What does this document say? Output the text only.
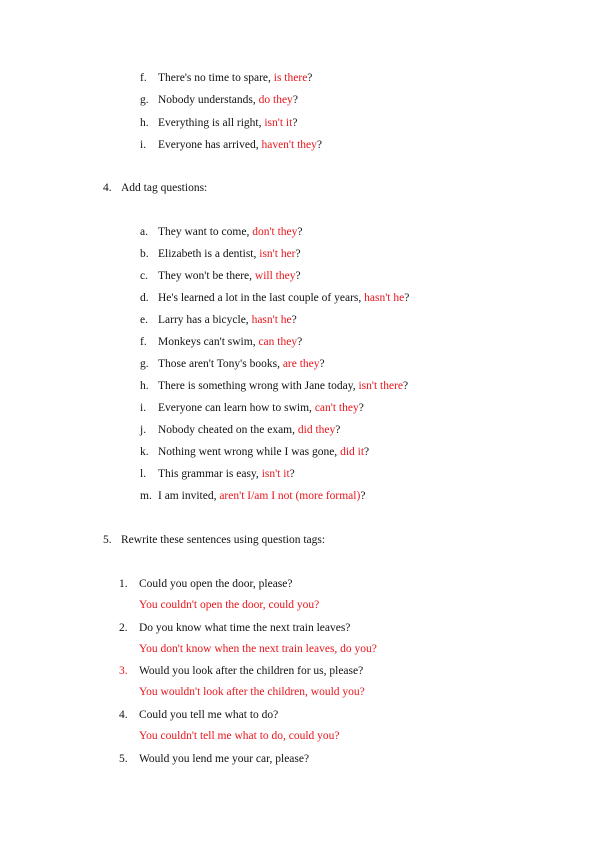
f. There's no time to spare, is there?
g. Nobody understands, do they?
h. Everything is all right, isn't it?
i. Everyone has arrived, haven't they?
4. Add tag questions:
a. They want to come, don't they?
b. Elizabeth is a dentist, isn't her?
c. They won't be there, will they?
d. He's learned a lot in the last couple of years, hasn't he?
e. Larry has a bicycle, hasn't he?
f. Monkeys can't swim, can they?
g. Those aren't Tony's books, are they?
h. There is something wrong with Jane today, isn't there?
i. Everyone can learn how to swim, can't they?
j. Nobody cheated on the exam, did they?
k. Nothing went wrong while I was gone, did it?
l. This grammar is easy, isn't it?
m. I am invited, aren't I/am I not (more formal)?
5. Rewrite these sentences using question tags:
1. Could you open the door, please?
You couldn't open the door, could you?
2. Do you know what time the next train leaves?
You don't know when the next train leaves, do you?
3. Would you look after the children for us, please?
You wouldn't look after the children, would you?
4. Could you tell me what to do?
You couldn't tell me what to do, could you?
5. Would you lend me your car, please?
